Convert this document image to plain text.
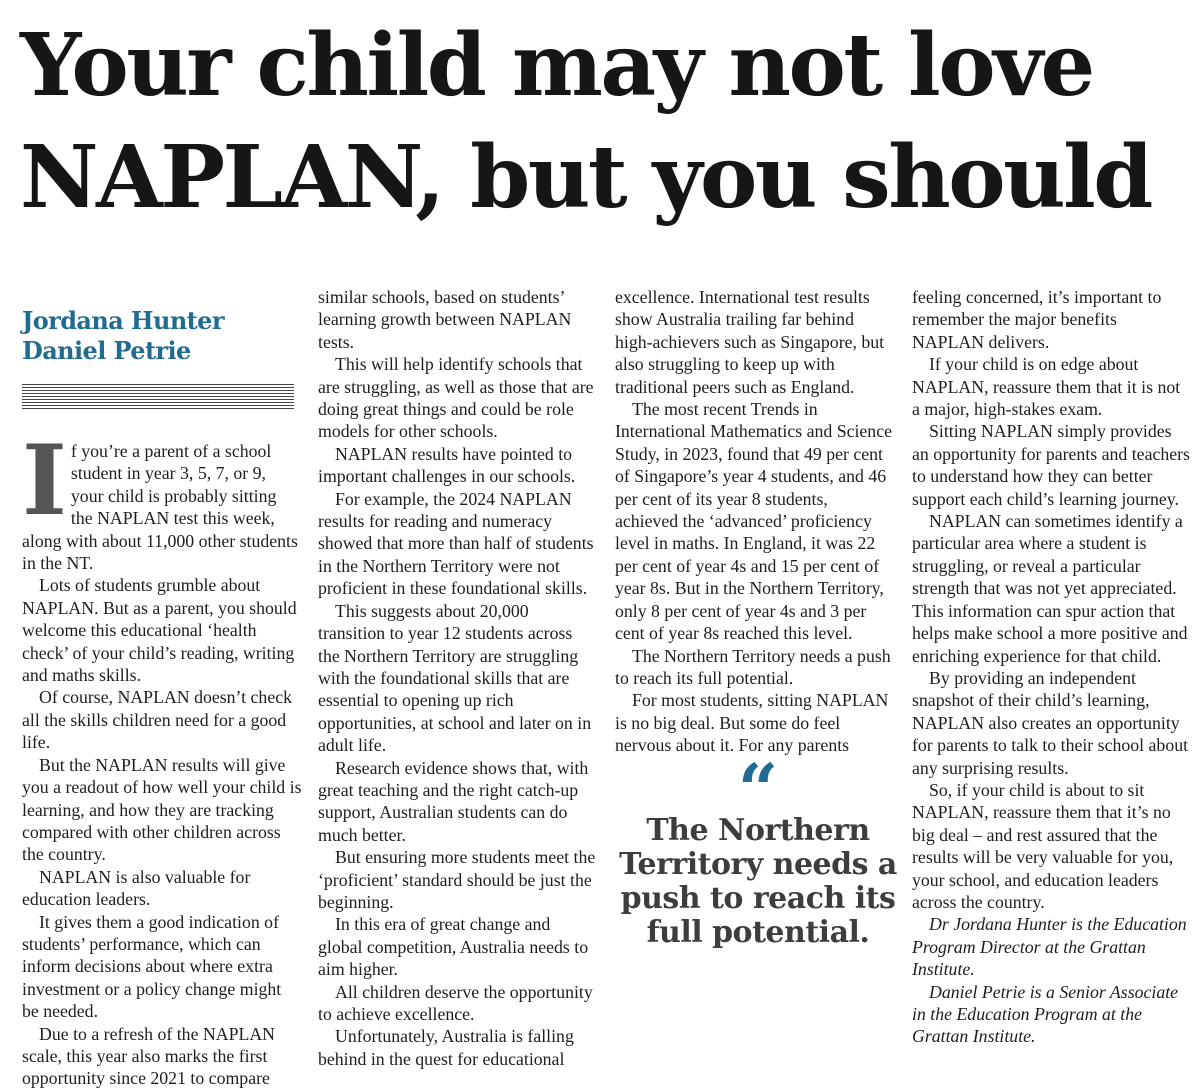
Your child may not love
NAPLAN, but you should
Jordana Hunter
Daniel Petrie
I f you’re a parent of a school student in year 3, 5, 7, or 9, your child is probably sitting the NAPLAN test this week, along with about 11,000 other students in the NT.

Lots of students grumble about NAPLAN. But as a parent, you should welcome this educational ‘health check’ of your child’s reading, writing and maths skills.

Of course, NAPLAN doesn’t check all the skills children need for a good life.

But the NAPLAN results will give you a readout of how well your child is learning, and how they are tracking compared with other children across the country.

NAPLAN is also valuable for education leaders.

It gives them a good indication of students’ performance, which can inform decisions about where extra investment or a policy change might be needed.

Due to a refresh of the NAPLAN scale, this year also marks the first opportunity since 2021 to compare

similar schools, based on students’ learning growth between NAPLAN tests.

This will help identify schools that are struggling, as well as those that are doing great things and could be role models for other schools.

NAPLAN results have pointed to important challenges in our schools.

For example, the 2024 NAPLAN results for reading and numeracy showed that more than half of students in the Northern Territory were not proficient in these foundational skills.

This suggests about 20,000 transition to year 12 students across the Northern Territory are struggling with the foundational skills that are essential to opening up rich opportunities, at school and later on in adult life.

Research evidence shows that, with great teaching and the right catch-up support, Australian students can do much better.

But ensuring more students meet the ‘proficient’ standard should be just the beginning.

In this era of great change and global competition, Australia needs to aim higher.

All children deserve the opportunity to achieve excellence.

Unfortunately, Australia is falling behind in the quest for educational

excellence. International test results show Australia trailing far behind high-achievers such as Singapore, but also struggling to keep up with traditional peers such as England.

The most recent Trends in International Mathematics and Science Study, in 2023, found that 49 per cent of Singapore’s year 4 students, and 46 per cent of its year 8 students, achieved the ‘advanced’ proficiency level in maths. In England, it was 22 per cent of year 4s and 15 per cent of year 8s. But in the Northern Territory, only 8 per cent of year 4s and 3 per cent of year 8s reached this level.

The Northern Territory needs a push to reach its full potential.

For most students, sitting NAPLAN is no big deal. But some do feel nervous about it. For any parents

“
The Northern Territory needs a push to reach its full potential.

feeling concerned, it’s important to remember the major benefits NAPLAN delivers.

If your child is on edge about NAPLAN, reassure them that it is not a major, high-stakes exam.

Sitting NAPLAN simply provides an opportunity for parents and teachers to understand how they can better support each child’s learning journey.

NAPLAN can sometimes identify a particular area where a student is struggling, or reveal a particular strength that was not yet appreciated. This information can spur action that helps make school a more positive and enriching experience for that child.

By providing an independent snapshot of their child’s learning, NAPLAN also creates an opportunity for parents to talk to their school about any surprising results.

So, if your child is about to sit NAPLAN, reassure them that it’s no big deal – and rest assured that the results will be very valuable for you, your school, and education leaders across the country.

Dr Jordana Hunter is the Education Program Director at the Grattan Institute.

Daniel Petrie is a Senior Associate in the Education Program at the Grattan Institute.
